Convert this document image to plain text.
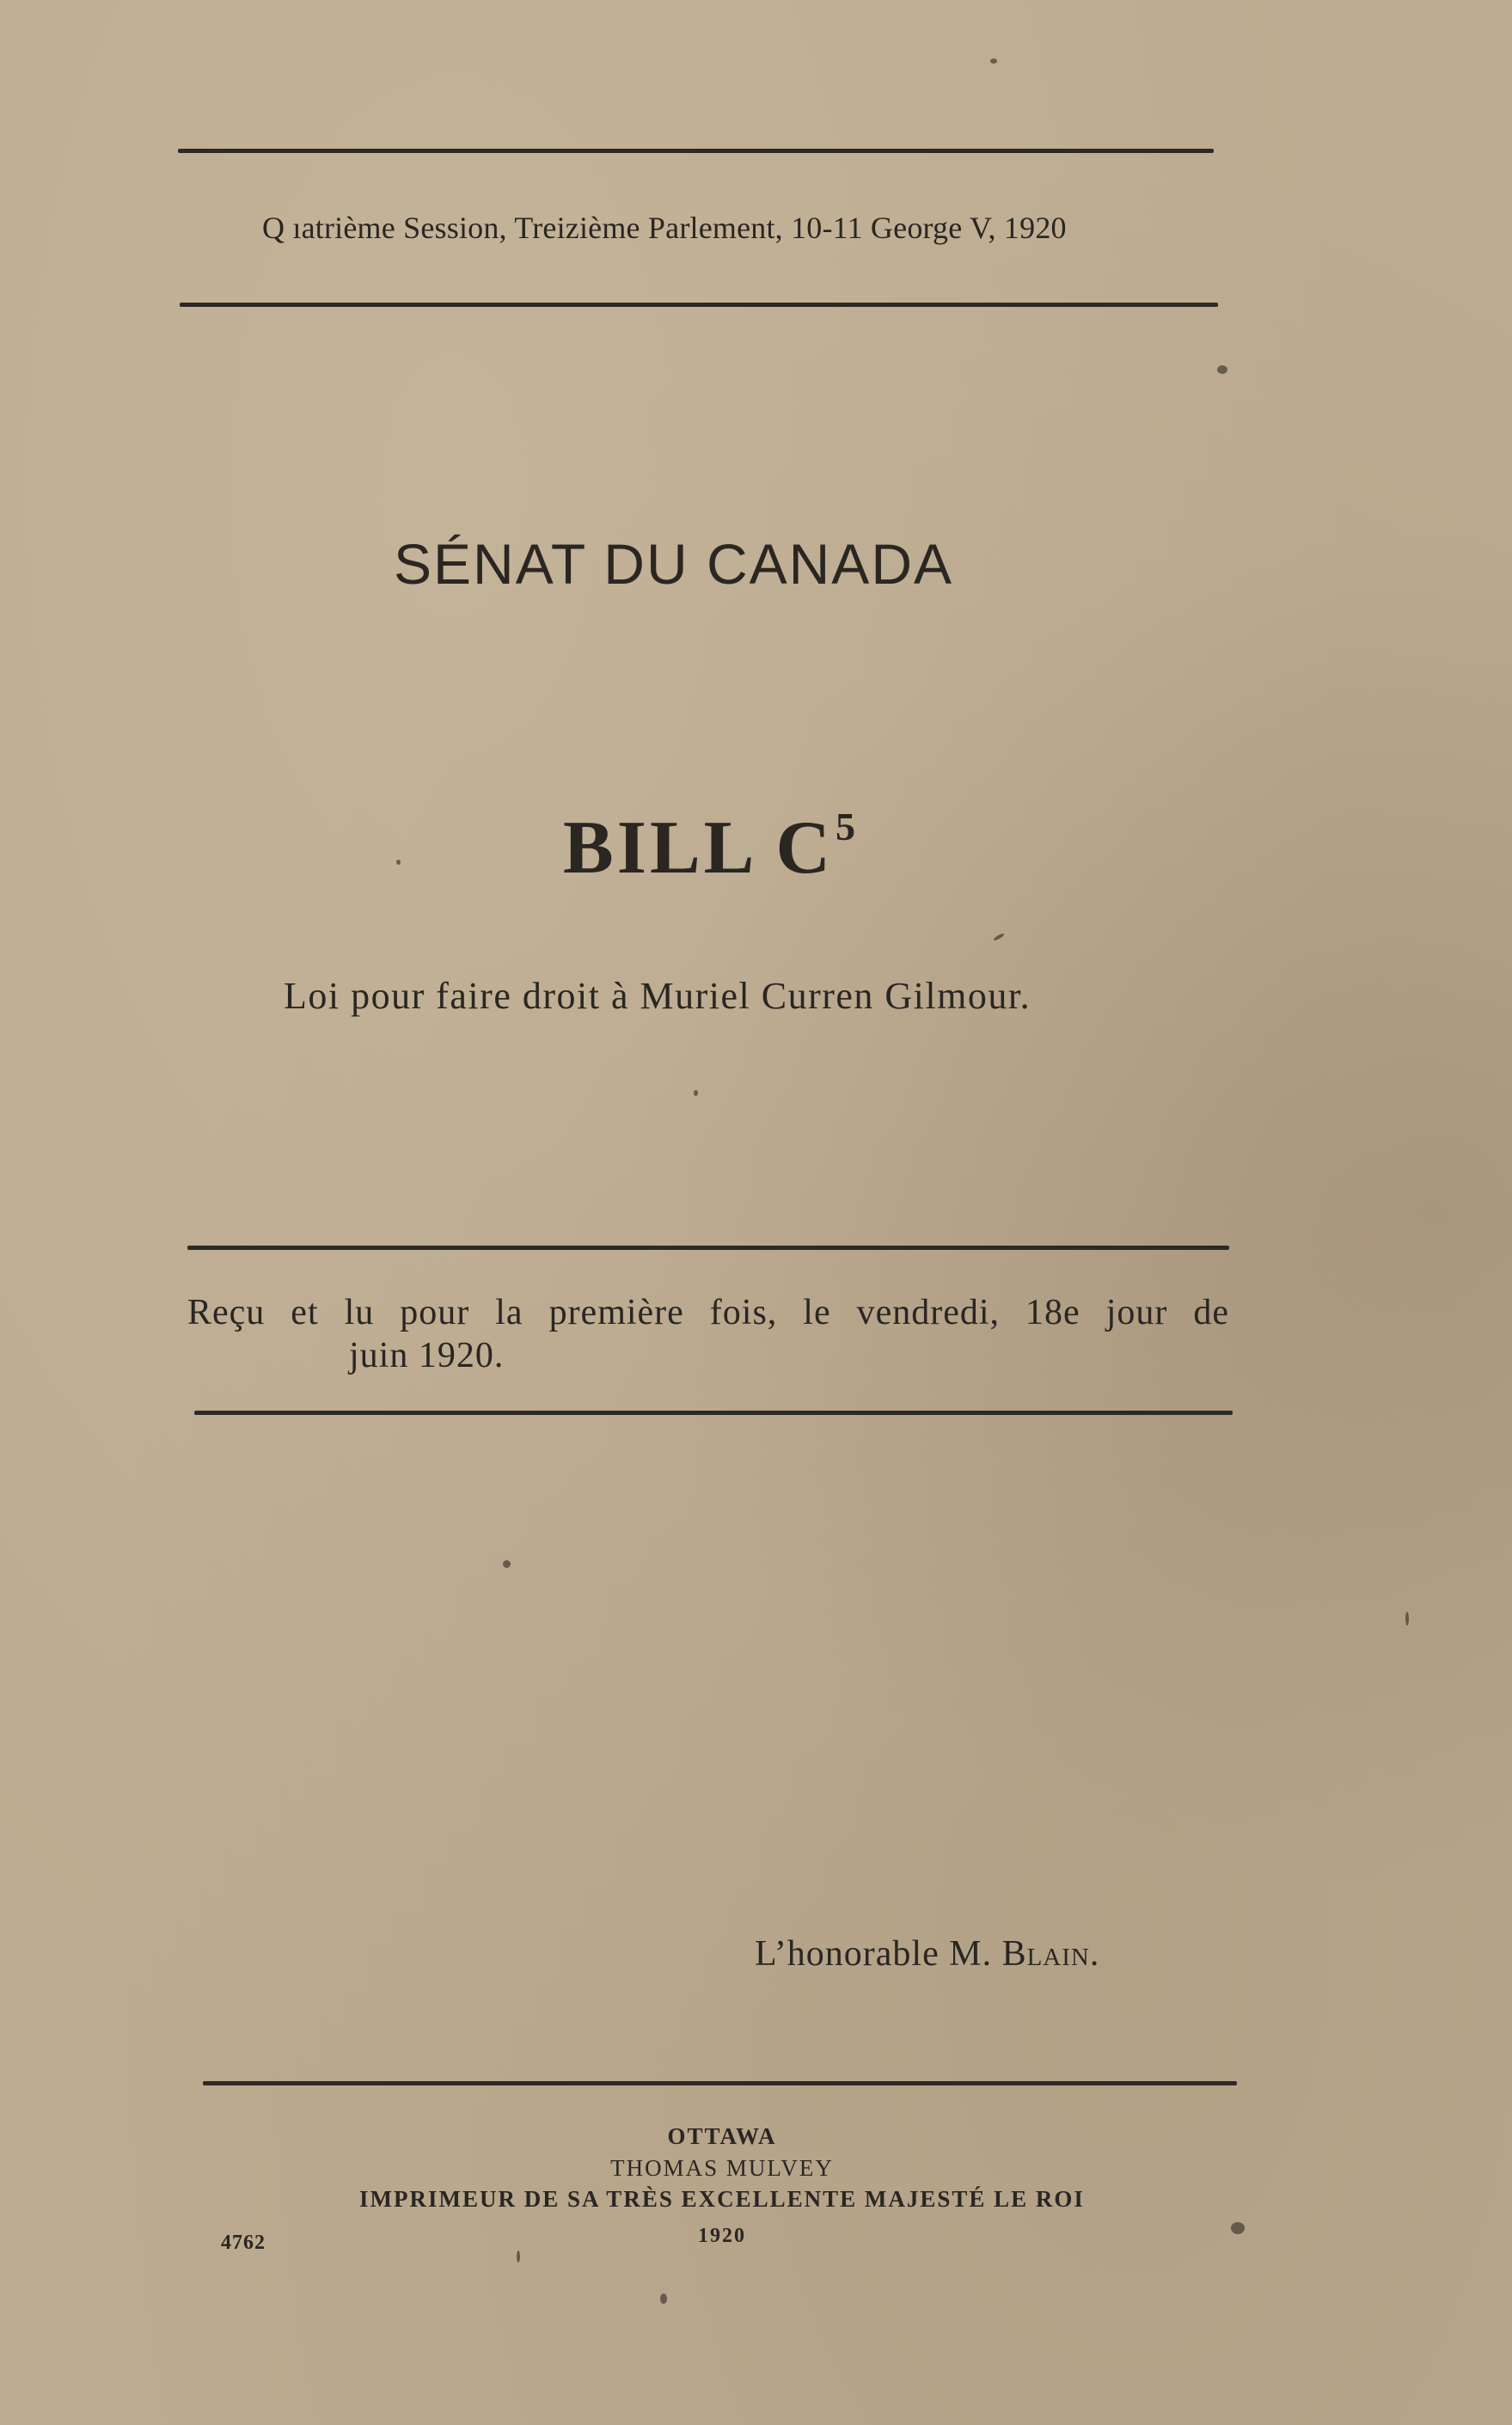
Q ıatrième Session, Treizième Parlement, 10-11 George V, 1920
SÉNAT DU CANADA
BILL $C^5$
Loi pour faire droit à Muriel Curren Gilmour.
Reçu et lu pour la première fois, le vendredi, 18e jour de
juin 1920.
L’honorable M. Blain.
OTTAWA
THOMAS MULVEY
IMPRIMEUR DE SA TRÈS EXCELLENTE MAJESTÉ LE ROI
1920
4762
